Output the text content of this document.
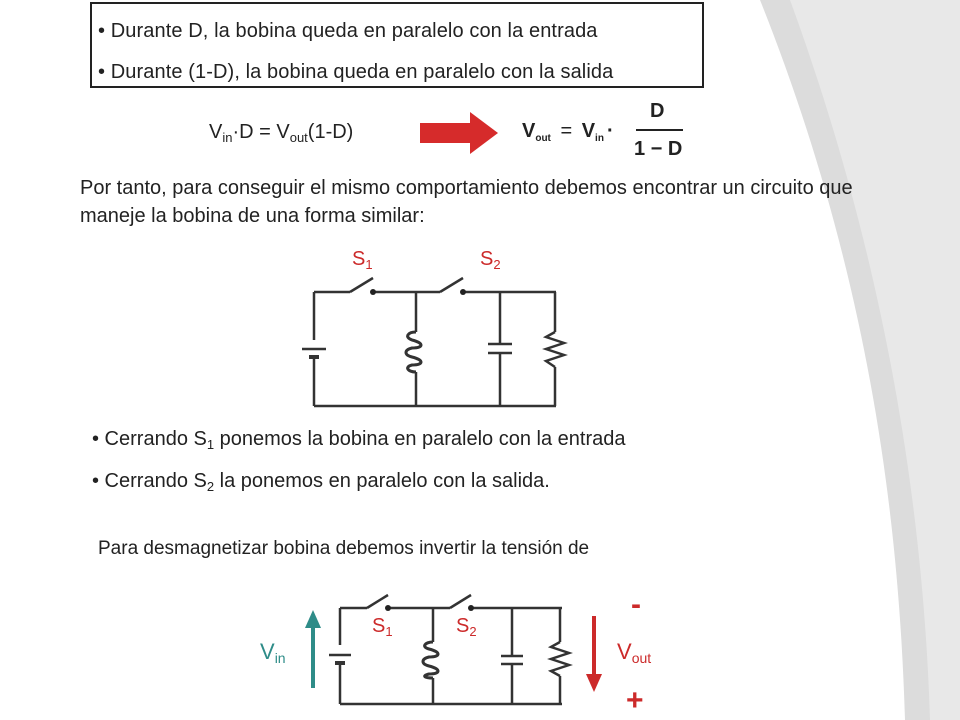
• Durante D, la bobina queda en paralelo con la entrada
• Durante (1-D), la bobina queda en paralelo con la salida
$V_{in}\cdot D = V_{out}(1-D)$	$V_{out} = V_{in}$ ·
D
1 − D
Por tanto, para conseguir el mismo comportamiento debemos encontrar un circuito que maneje la bobina de una forma similar:
$S_1$	$S_2$
• Cerrando $S_1$ ponemos la bobina en paralelo con la entrada
• Cerrando $S_2$ la ponemos en paralelo con la salida.
Para desmagnetizar bobina debemos invertir la tensión de
$S_1$	$S_2$
Vin	Vout
-
+
